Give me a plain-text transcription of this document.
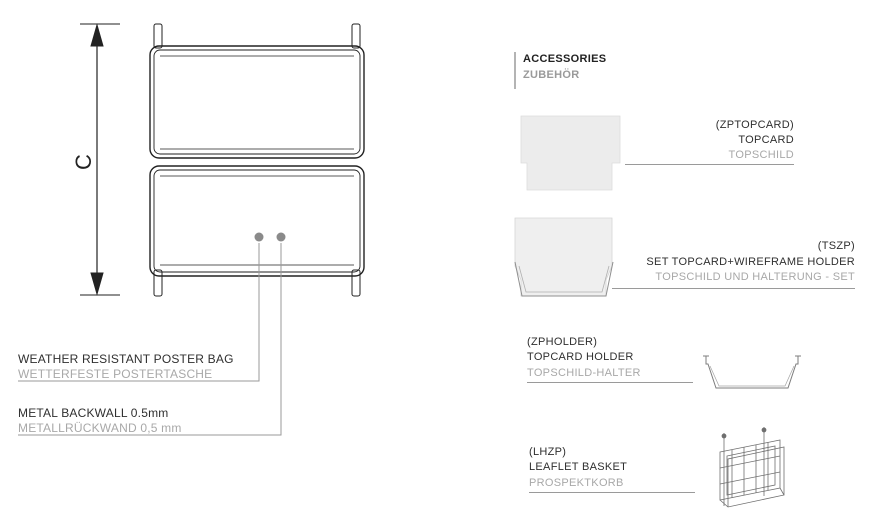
C
WEATHER RESISTANT POSTER BAG
WETTERFESTE POSTERTASCHE
METAL BACKWALL 0.5mm
METALLRÜCKWAND 0,5 mm
ACCESSORIES
ZUBEHÖR
(ZPTOPCARD)
TOPCARD
TOPSCHILD
(TSZP)
SET TOPCARD+WIREFRAME HOLDER
TOPSCHILD UND HALTERUNG - SET
(ZPHOLDER)
TOPCARD HOLDER
TOPSCHILD-HALTER
(LHZP)
LEAFLET BASKET
PROSPEKTKORB
